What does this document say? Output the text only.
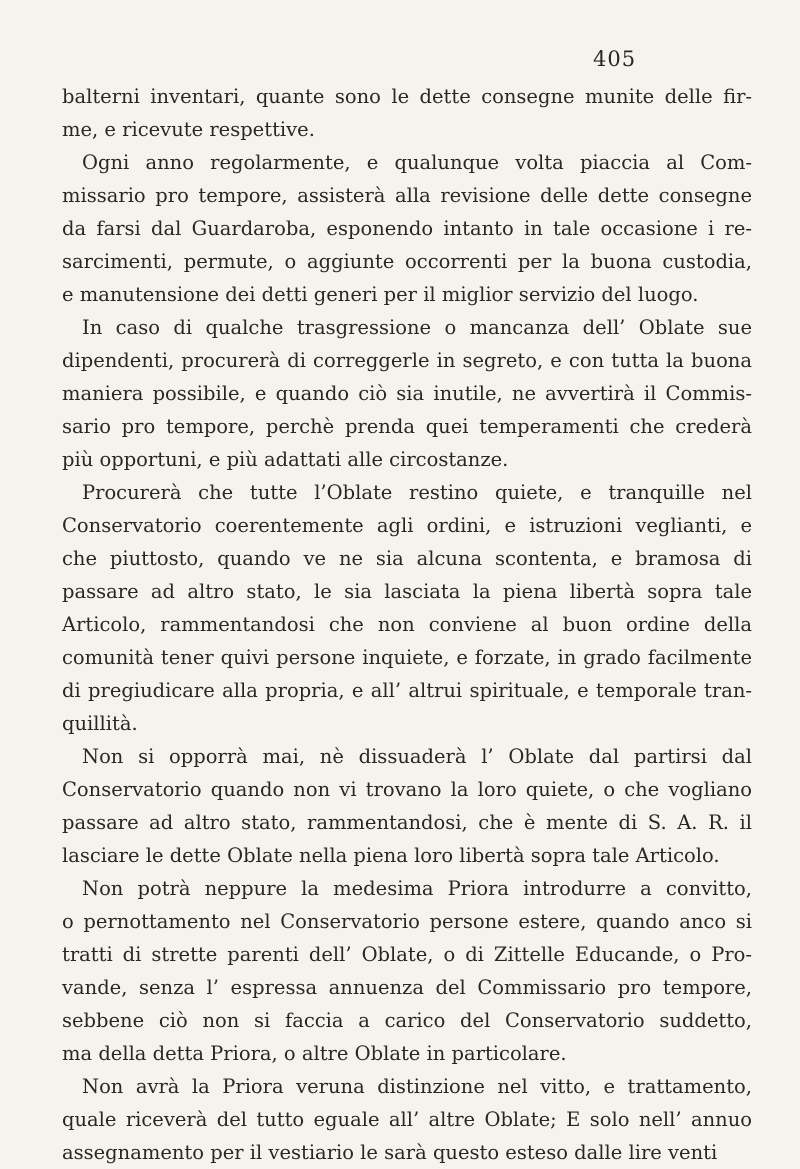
405
balterni inventari, quante sono le dette consegne munite delle fir-
me, e ricevute respettive.
Ogni anno regolarmente, e qualunque volta piaccia al Com-
missario pro tempore, assisterà alla revisione delle dette consegne
da farsi dal Guardaroba, esponendo intanto in tale occasione i re-
sarcimenti, permute, o aggiunte occorrenti per la buona custodia,
e manutensione dei detti generi per il miglior servizio del luogo.
In caso di qualche trasgressione o mancanza dell’ Oblate sue
dipendenti, procurerà di correggerle in segreto, e con tutta la buona
maniera possibile, e quando ciò sia inutile, ne avvertirà il Commis-
sario pro tempore, perchè prenda quei temperamenti che crederà
più opportuni, e più adattati alle circostanze.
Procurerà che tutte l’Oblate restino quiete, e tranquille nel
Conservatorio coerentemente agli ordini, e istruzioni veglianti, e
che piuttosto, quando ve ne sia alcuna scontenta, e bramosa di
passare ad altro stato, le sia lasciata la piena libertà sopra tale
Articolo, rammentandosi che non conviene al buon ordine della
comunità tener quivi persone inquiete, e forzate, in grado facilmente
di pregiudicare alla propria, e all’ altrui spirituale, e temporale tran-
quillità.
Non si opporrà mai, nè dissuaderà l’ Oblate dal partirsi dal
Conservatorio quando non vi trovano la loro quiete, o che vogliano
passare ad altro stato, rammentandosi, che è mente di S. A. R. il
lasciare le dette Oblate nella piena loro libertà sopra tale Articolo.
Non potrà neppure la medesima Priora introdurre a convitto,
o pernottamento nel Conservatorio persone estere, quando anco si
tratti di strette parenti dell’ Oblate, o di Zittelle Educande, o Pro-
vande, senza l’ espressa annuenza del Commissario pro tempore,
sebbene ciò non si faccia a carico del Conservatorio suddetto,
ma della detta Priora, o altre Oblate in particolare.
Non avrà la Priora veruna distinzione nel vitto, e trattamento,
quale riceverà del tutto eguale all’ altre Oblate; E solo nell’ annuo
assegnamento per il vestiario le sarà questo esteso dalle lire venti
